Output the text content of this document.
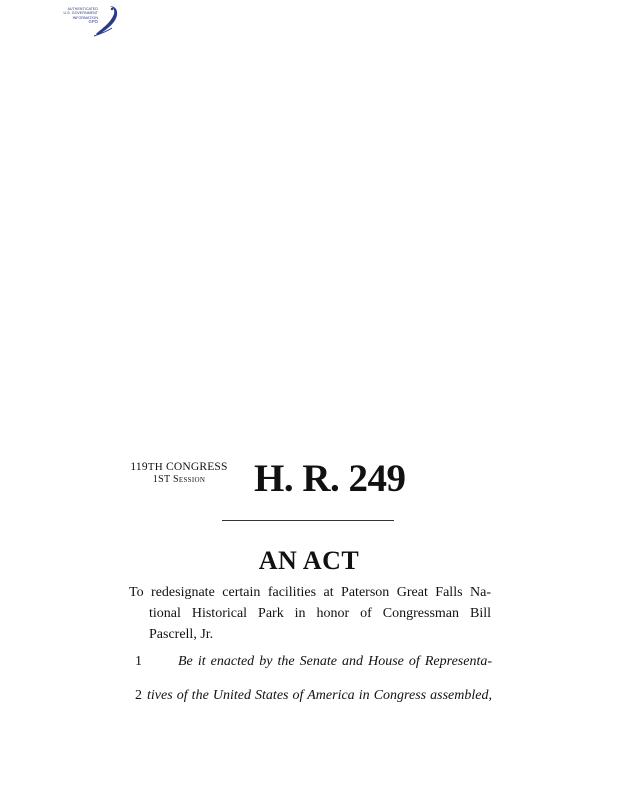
AUTHENTICATED
U.S. GOVERNMENT
INFORMATION
GPO
119TH CONGRESS
1ST Session	H. R. 249
AN ACT
To redesignate certain facilities at Paterson Great Falls Na-
tional Historical Park in honor of Congressman Bill
Pascrell, Jr.
1	Be it enacted by the Senate and House of Representa-
2 tives of the United States of America in Congress assembled,
